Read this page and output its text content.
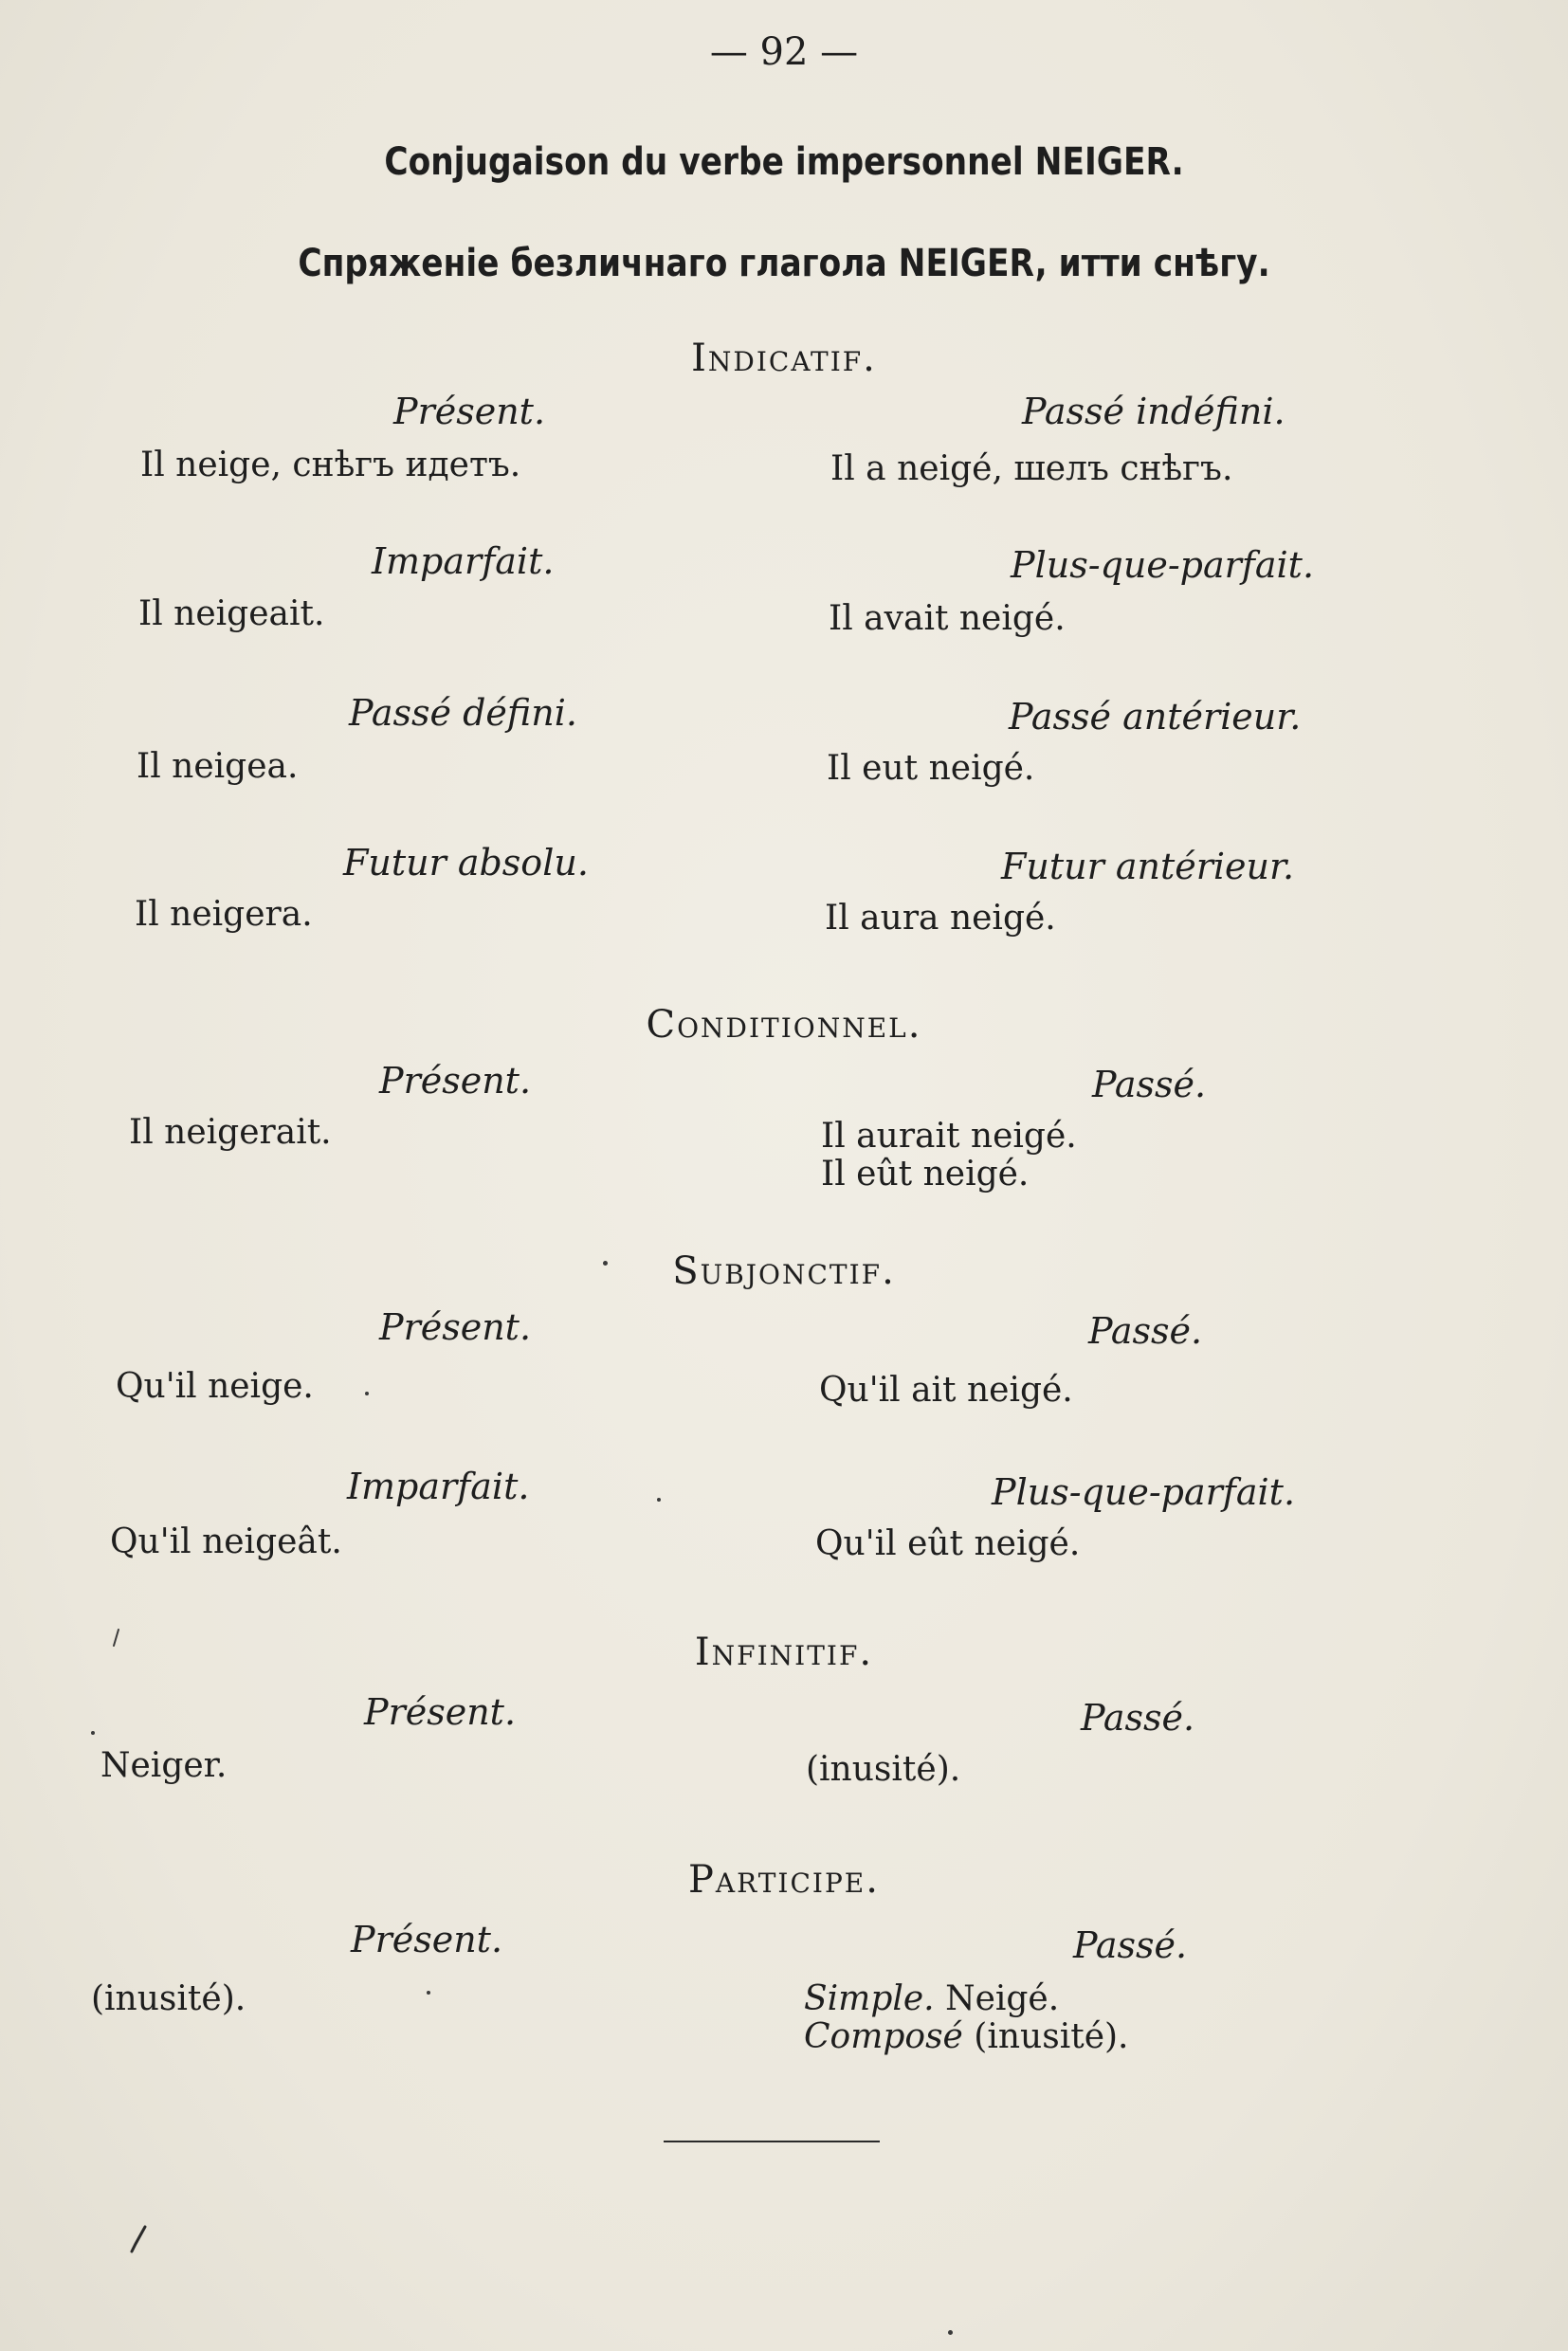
— 92 —
Conjugaison du verbe impersonnel NEIGER.
Спряженіе безличнаго глагола NEIGER, итти снѣгу.
Indicatif.
Présent.
Il neige, снѣгъ идетъ.
Passé indéfini.
Il a neigé, шелъ снѣгъ.
Imparfait.
Il neigeait.
Plus-que-parfait.
Il avait neigé.
Passé défini.
Il neigea.
Passé antérieur.
Il eut neigé.
Futur absolu.
Il neigera.
Futur antérieur.
Il aura neigé.
Conditionnel.
Présent.
Il neigerait.
Passé.
Il aurait neigé.
Il eût neigé.
Subjonctif.
Présent.
Qu'il neige.
Passé.
Qu'il ait neigé.
Imparfait.
Qu'il neigeât.
Plus-que-parfait.
Qu'il eût neigé.
Infinitif.
Présent.
Neiger.
Passé.
(inusité).
Participe.
Présent.
(inusité).
Passé.
Simple. Neigé.
Composé (inusité).
